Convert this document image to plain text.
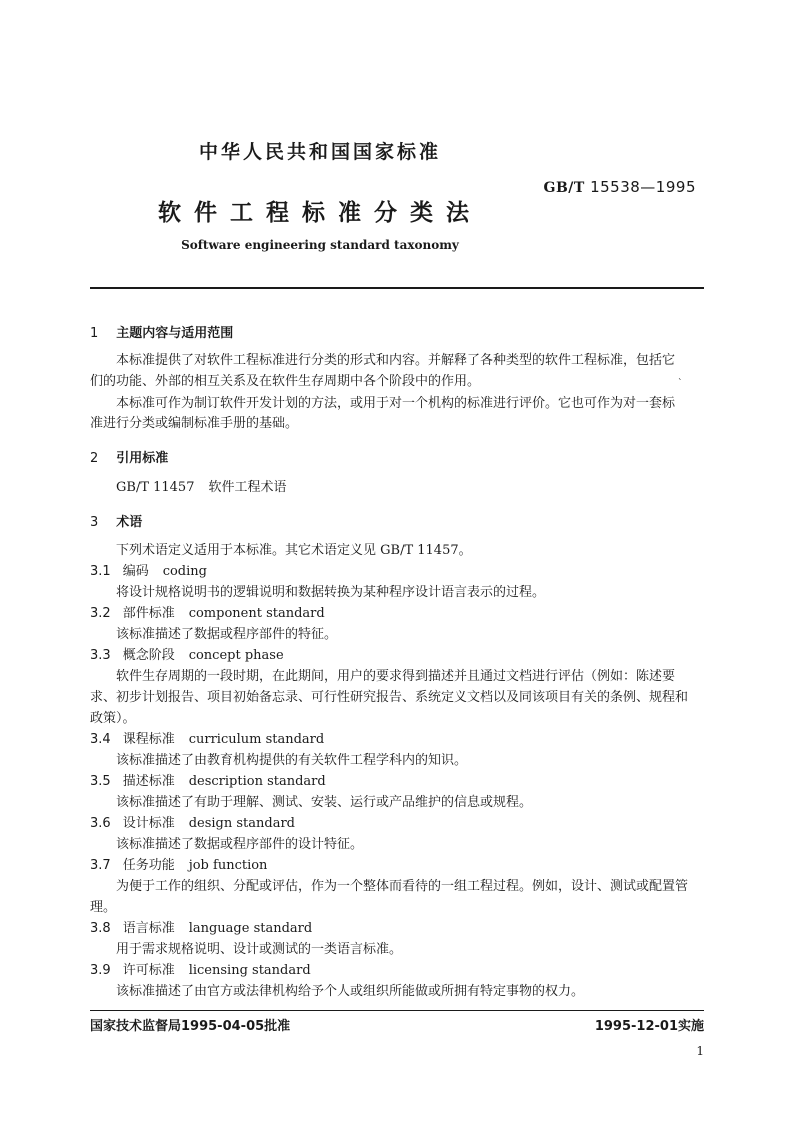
中华人民共和国国家标准
GB/T 15538—1995
软件工程标准分类法
Software engineering standard taxonomy
1 主题内容与适用范围
本标准提供了对软件工程标准进行分类的形式和内容。并解释了各种类型的软件工程标准，包括它
们的功能、外部的相互关系及在软件生存周期中各个阶段中的作用。	`
本标准可作为制订软件开发计划的方法，或用于对一个机构的标准进行评价。它也可作为对一套标
准进行分类或编制标准手册的基础。
2 引用标准
GB/T 11457 软件工程术语
3 术语
下列术语定义适用于本标准。其它术语定义见 GB/T 11457。
3.1 编码 coding
将设计规格说明书的逻辑说明和数据转换为某种程序设计语言表示的过程。
3.2 部件标准 component standard
该标准描述了数据或程序部件的特征。
3.3 概念阶段 concept phase
软件生存周期的一段时期，在此期间，用户的要求得到描述并且通过文档进行评估（例如：陈述要
求、初步计划报告、项目初始备忘录、可行性研究报告、系统定义文档以及同该项目有关的条例、规程和
政策）。
3.4 课程标准 curriculum standard
该标准描述了由教育机构提供的有关软件工程学科内的知识。
3.5 描述标准 description standard
该标准描述了有助于理解、测试、安装、运行或产品维护的信息或规程。
3.6 设计标准 design standard
该标准描述了数据或程序部件的设计特征。
3.7 任务功能 job function
为便于工作的组织、分配或评估，作为一个整体而看待的一组工程过程。例如，设计、测试或配置管
理。
3.8 语言标准 language standard
用于需求规格说明、设计或测试的一类语言标准。
3.9 许可标准 licensing standard
该标准描述了由官方或法律机构给予个人或组织所能做或所拥有特定事物的权力。
国家技术监督局1995-04-05批准	1995-12-01实施
1
